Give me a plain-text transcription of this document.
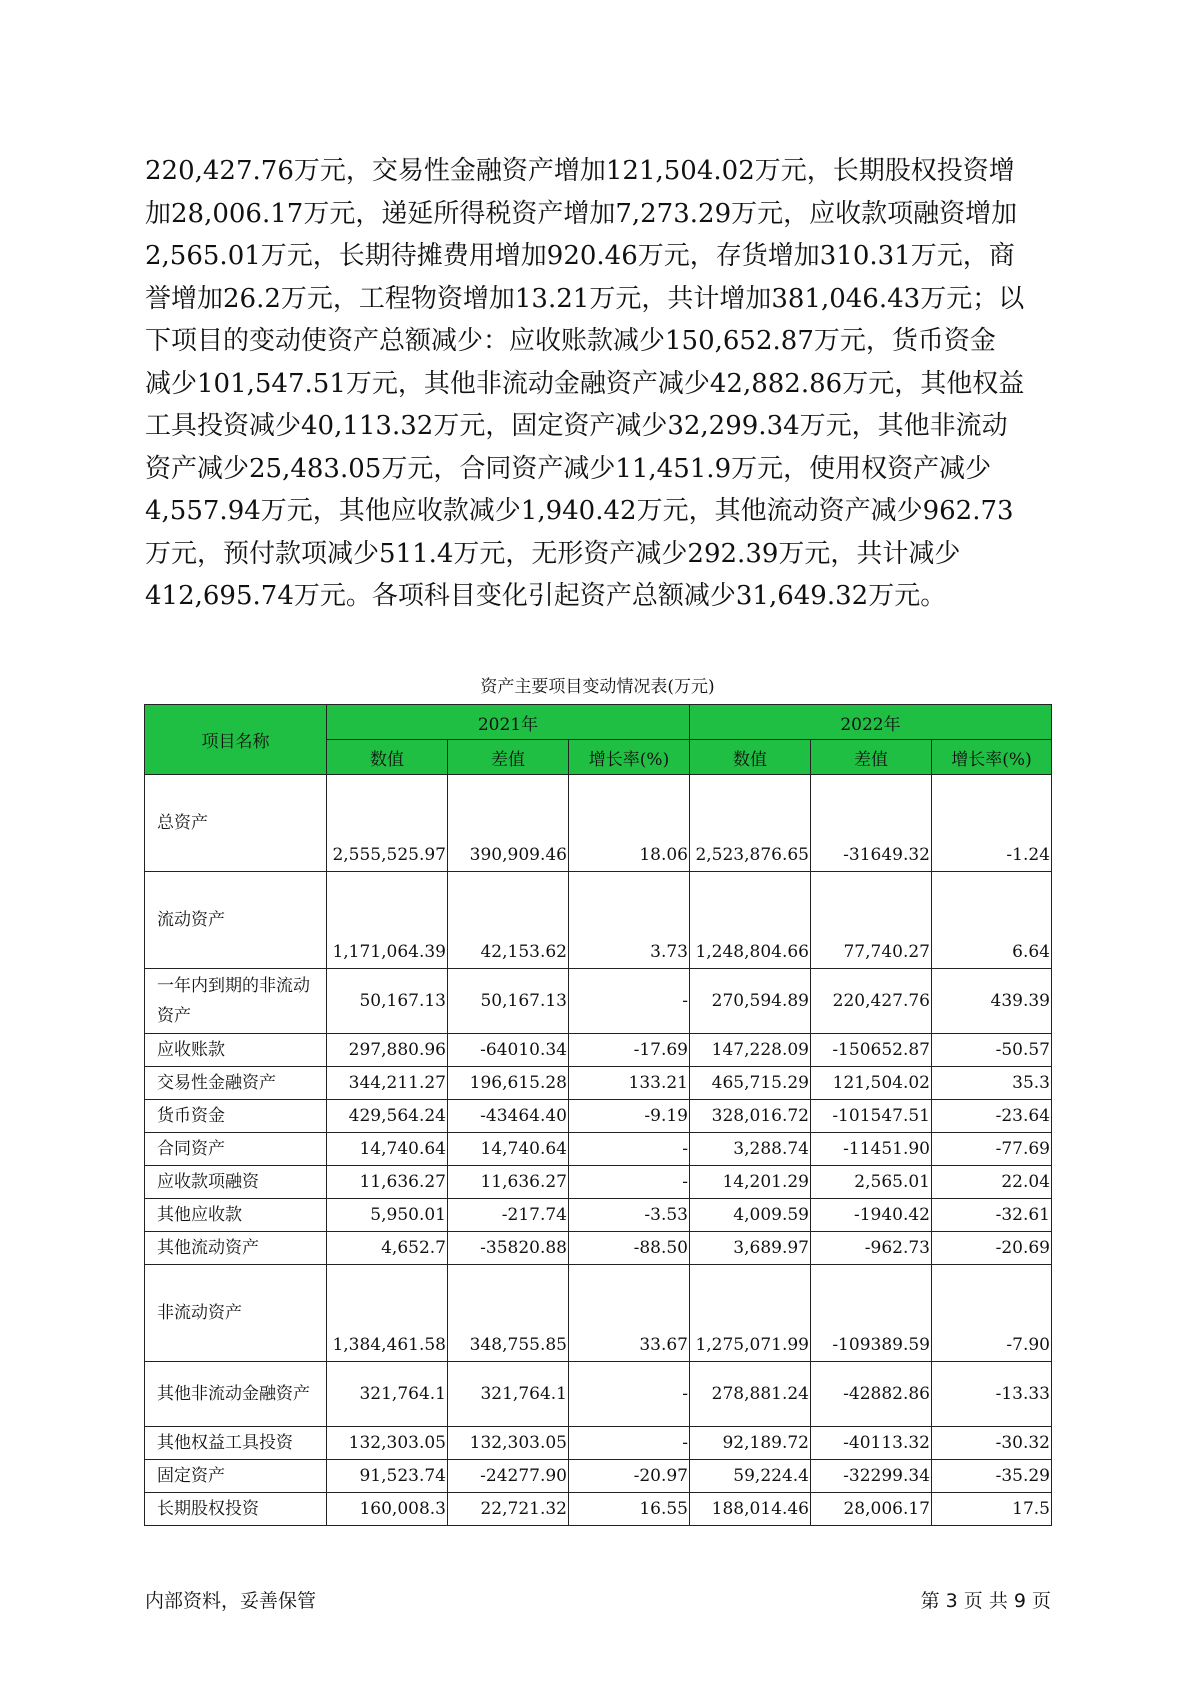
220,427.76万元，交易性金融资产增加121,504.02万元，长期股权投资增

加28,006.17万元，递延所得税资产增加7,273.29万元，应收款项融资增加

2,565.01万元，长期待摊费用增加920.46万元，存货增加310.31万元，商

誉增加26.2万元，工程物资增加13.21万元，共计增加381,046.43万元；以

下项目的变动使资产总额减少：应收账款减少150,652.87万元，货币资金

减少101,547.51万元，其他非流动金融资产减少42,882.86万元，其他权益

工具投资减少40,113.32万元，固定资产减少32,299.34万元，其他非流动

资产减少25,483.05万元，合同资产减少11,451.9万元，使用权资产减少

4,557.94万元，其他应收款减少1,940.42万元，其他流动资产减少962.73

万元，预付款项减少511.4万元，无形资产减少292.39万元，共计减少

412,695.74万元。各项科目变化引起资产总额减少31,649.32万元。

资产主要项目变动情况表(万元)
项目名称	2021年			2022年		
	数值	差值	增长率(%)	数值	差值	增长率(%)
总资产	2,555,525.97	390,909.46	18.06	2,523,876.65	-31649.32	-1.24
流动资产	1,171,064.39	42,153.62	3.73	1,248,804.66	77,740.27	6.64
一年内到期的非流动资产	50,167.13	50,167.13	-	270,594.89	220,427.76	439.39
应收账款	297,880.96	-64010.34	-17.69	147,228.09	-150652.87	-50.57
交易性金融资产	344,211.27	196,615.28	133.21	465,715.29	121,504.02	35.3
货币资金	429,564.24	-43464.40	-9.19	328,016.72	-101547.51	-23.64
合同资产	14,740.64	14,740.64	-	3,288.74	-11451.90	-77.69
应收款项融资	11,636.27	11,636.27	-	14,201.29	2,565.01	22.04
其他应收款	5,950.01	-217.74	-3.53	4,009.59	-1940.42	-32.61
其他流动资产	4,652.7	-35820.88	-88.50	3,689.97	-962.73	-20.69
非流动资产	1,384,461.58	348,755.85	33.67	1,275,071.99	-109389.59	-7.90
其他非流动金融资产	321,764.1	321,764.1	-	278,881.24	-42882.86	-13.33
其他权益工具投资	132,303.05	132,303.05	-	92,189.72	-40113.32	-30.32
固定资产	91,523.74	-24277.90	-20.97	59,224.4	-32299.34	-35.29
长期股权投资	160,008.3	22,721.32	16.55	188,014.46	28,006.17	17.5
内部资料，妥善保管	第 3 页 共 9 页
